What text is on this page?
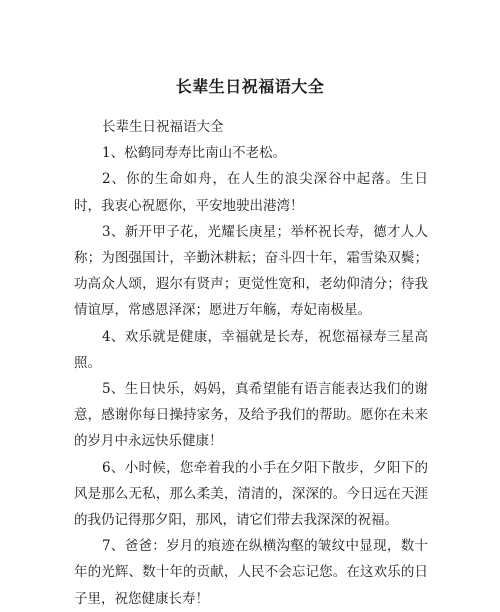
长辈生日祝福语大全

长辈生日祝福语大全

1、松鹤同寿寿比南山不老松。

2、你的生命如舟，在人生的浪尖深谷中起落。生日时，我衷心祝愿你，平安地驶出港湾！

3、新开甲子花，光耀长庚星；举杯祝长寿，德才人人称；为图强国计，辛勤沐耕耘；奋斗四十年，霜雪染双鬓；功高众人颂，遐尔有贤声；更觉性宽和，老幼仰清分；待我情谊厚，常感恩泽深；愿进万年觞，寿妃南极星。

4、欢乐就是健康，幸福就是长寿，祝您福禄寿三星高照。

5、生日快乐，妈妈，真希望能有语言能表达我们的谢意，感谢你每日操持家务，及给予我们的帮助。愿你在未来的岁月中永远快乐健康！

6、小时候，您牵着我的小手在夕阳下散步，夕阳下的风是那么无私，那么柔美，清清的，深深的。今日远在天涯的我仍记得那夕阳，那风，请它们带去我深深的祝福。

7、爸爸：岁月的痕迹在纵横沟壑的皱纹中显现，数十年的光辉、数十年的贡献，人民不会忘记您。在这欢乐的日子里，祝您健康长寿！
